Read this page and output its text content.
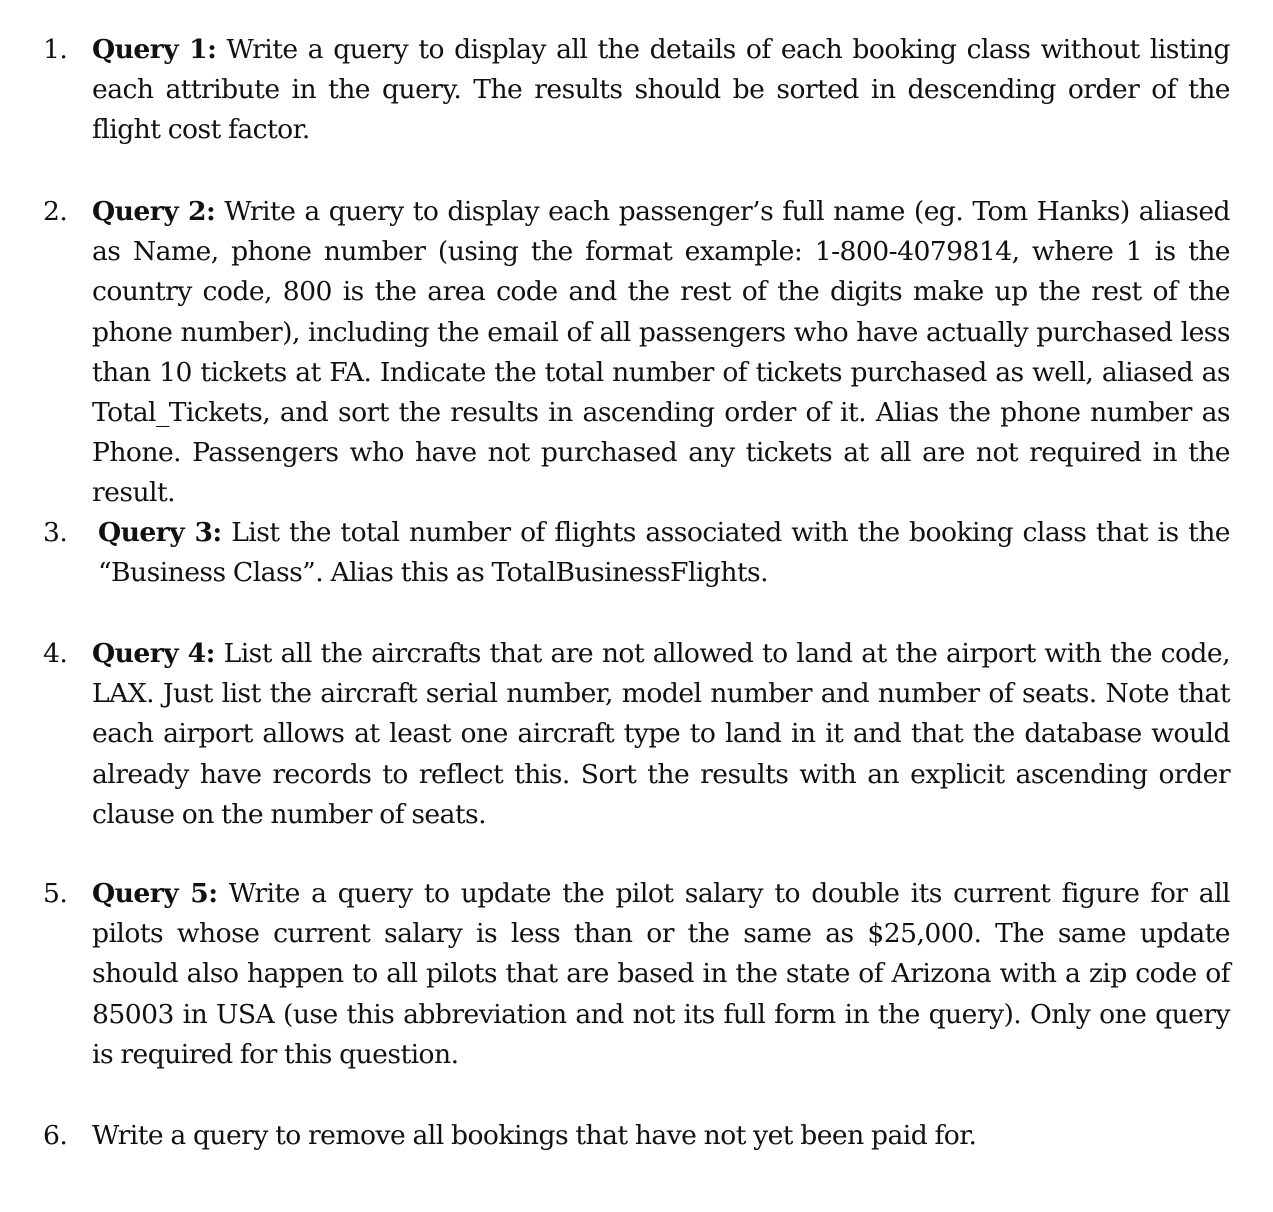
1. Query 1: Write a query to display all the details of each booking class without listing each attribute in the query. The results should be sorted in descending order of the flight cost factor.
2. Query 2: Write a query to display each passenger’s full name (eg. Tom Hanks) aliased as Name, phone number (using the format example: 1-800-4079814, where 1 is the country code, 800 is the area code and the rest of the digits make up the rest of the phone number), including the email of all passengers who have actually purchased less than 10 tickets at FA. Indicate the total number of tickets purchased as well, aliased as Total_Tickets, and sort the results in ascending order of it. Alias the phone number as Phone. Passengers who have not purchased any tickets at all are not required in the result.
3.	Query 3: List the total number of flights associated with the booking class that is the “Business Class”. Alias this as TotalBusinessFlights.
4. Query 4: List all the aircrafts that are not allowed to land at the airport with the code, LAX. Just list the aircraft serial number, model number and number of seats. Note that each airport allows at least one aircraft type to land in it and that the database would already have records to reflect this. Sort the results with an explicit ascending order clause on the number of seats.
5. Query 5: Write a query to update the pilot salary to double its current figure for all pilots whose current salary is less than or the same as $25,000. The same update should also happen to all pilots that are based in the state of Arizona with a zip code of 85003 in USA (use this abbreviation and not its full form in the query). Only one query is required for this question.
6. Write a query to remove all bookings that have not yet been paid for.
